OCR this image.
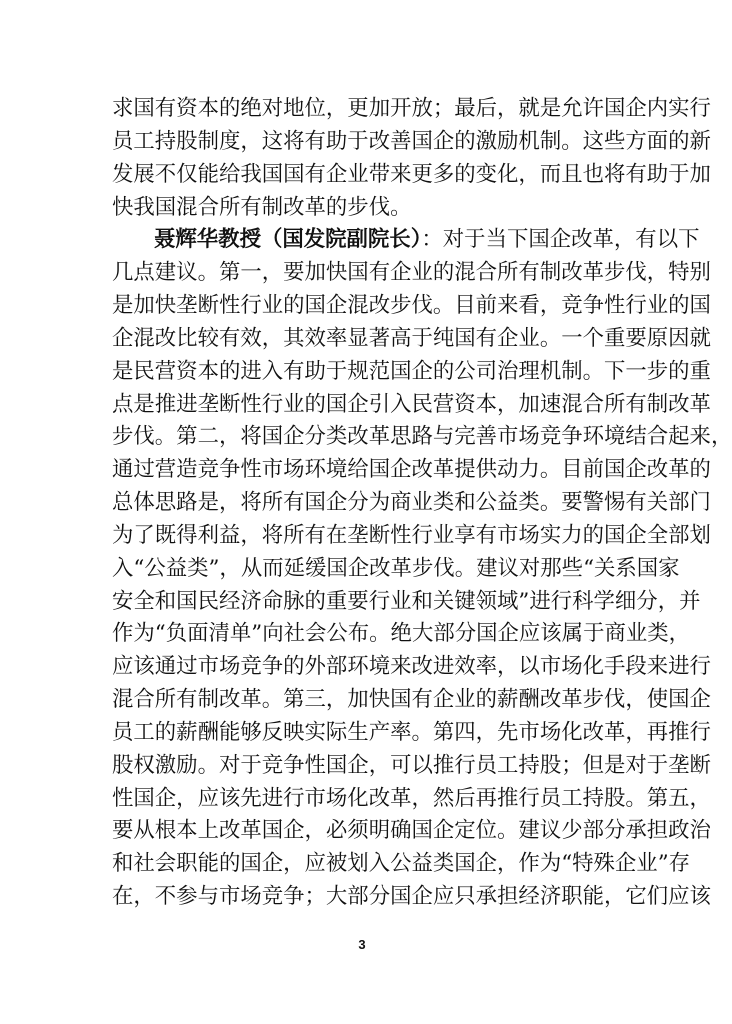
求国有资本的绝对地位，更加开放；最后，就是允许国企内实行
员工持股制度，这将有助于改善国企的激励机制。这些方面的新
发展不仅能给我国国有企业带来更多的变化，而且也将有助于加
快我国混合所有制改革的步伐。
聂辉华教授（国发院副院长）：对于当下国企改革，有以下
几点建议。第一，要加快国有企业的混合所有制改革步伐，特别
是加快垄断性行业的国企混改步伐。目前来看，竞争性行业的国
企混改比较有效，其效率显著高于纯国有企业。一个重要原因就
是民营资本的进入有助于规范国企的公司治理机制。下一步的重
点是推进垄断性行业的国企引入民营资本，加速混合所有制改革
步伐。第二，将国企分类改革思路与完善市场竞争环境结合起来，
通过营造竞争性市场环境给国企改革提供动力。目前国企改革的
总体思路是，将所有国企分为商业类和公益类。要警惕有关部门
为了既得利益，将所有在垄断性行业享有市场实力的国企全部划
入“公益类”，从而延缓国企改革步伐。建议对那些“关系国家
安全和国民经济命脉的重要行业和关键领域”进行科学细分，并
作为“负面清单”向社会公布。绝大部分国企应该属于商业类，
应该通过市场竞争的外部环境来改进效率，以市场化手段来进行
混合所有制改革。第三，加快国有企业的薪酬改革步伐，使国企
员工的薪酬能够反映实际生产率。第四，先市场化改革，再推行
股权激励。对于竞争性国企，可以推行员工持股；但是对于垄断
性国企，应该先进行市场化改革，然后再推行员工持股。第五，
要从根本上改革国企，必须明确国企定位。建议少部分承担政治
和社会职能的国企，应被划入公益类国企，作为“特殊企业”存
在，不参与市场竞争；大部分国企应只承担经济职能，它们应该
3
